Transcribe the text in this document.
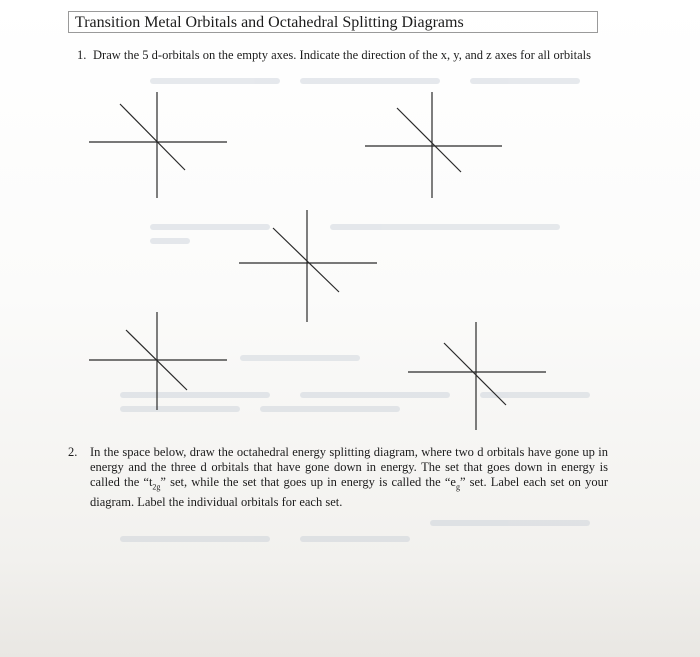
Transition Metal Orbitals and Octahedral Splitting Diagrams
1. Draw the 5 d-orbitals on the empty axes. Indicate the direction of the x, y, and z axes for all orbitals
2. In the space below, draw the octahedral energy splitting diagram, where two d orbitals have gone up in energy and the three d orbitals that have gone down in energy. The set that goes down in energy is called the “$t_{2g}$” set, while the set that goes up in energy is called the “$e_g$” set. Label each set on your diagram. Label the individual orbitals for each set.
